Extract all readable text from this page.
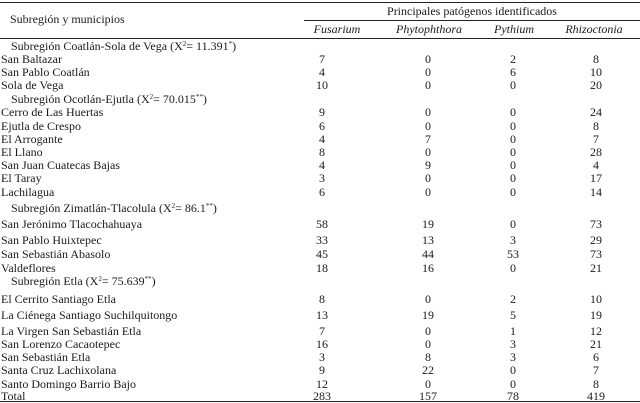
Subregión y municipios
Principales patógenos identificados
Fusarium	Phytophthora	Pythium	Rhizoctonia
Subregión Coatlán-Sola de Vega $(X^2= 11.391^*)$
San Baltazar	7	0	2	8
San Pablo Coatlán	4	0	6	10
Sola de Vega	10	0	0	20
Subregión Ocotlán-Ejutla $(X^2= 70.015^{**})$
Cerro de Las Huertas	9	0	0	24
Ejutla de Crespo	6	0	0	8
El Arrogante	4	7	0	7
El Llano	8	0	0	28
San Juan Cuatecas Bajas	4	9	0	4
El Taray	3	0	0	17
Lachilagua	6	0	0	14
Subregión Zimatlán-Tlacolula $(X^2= 86.1^{**})$
San Jerónimo Tlacochahuaya	58	19	0	73
San Pablo Huixtepec	33	13	3	29
San Sebastián Abasolo	45	44	53	73
Valdeflores	18	16	0	21
Subregión Etla $(X^2= 75.639^{**})$
El Cerrito Santiago Etla	8	0	2	10
La Ciénega Santiago Suchilquitongo	13	19	5	19
La Virgen San Sebastián Etla	7	0	1	12
San Lorenzo Cacaotepec	16	0	3	21
San Sebastián Etla	3	8	3	6
Santa Cruz Lachixolana	9	22	0	7
Santo Domingo Barrio Bajo	12	0	0	8
Total	283	157	78	419
